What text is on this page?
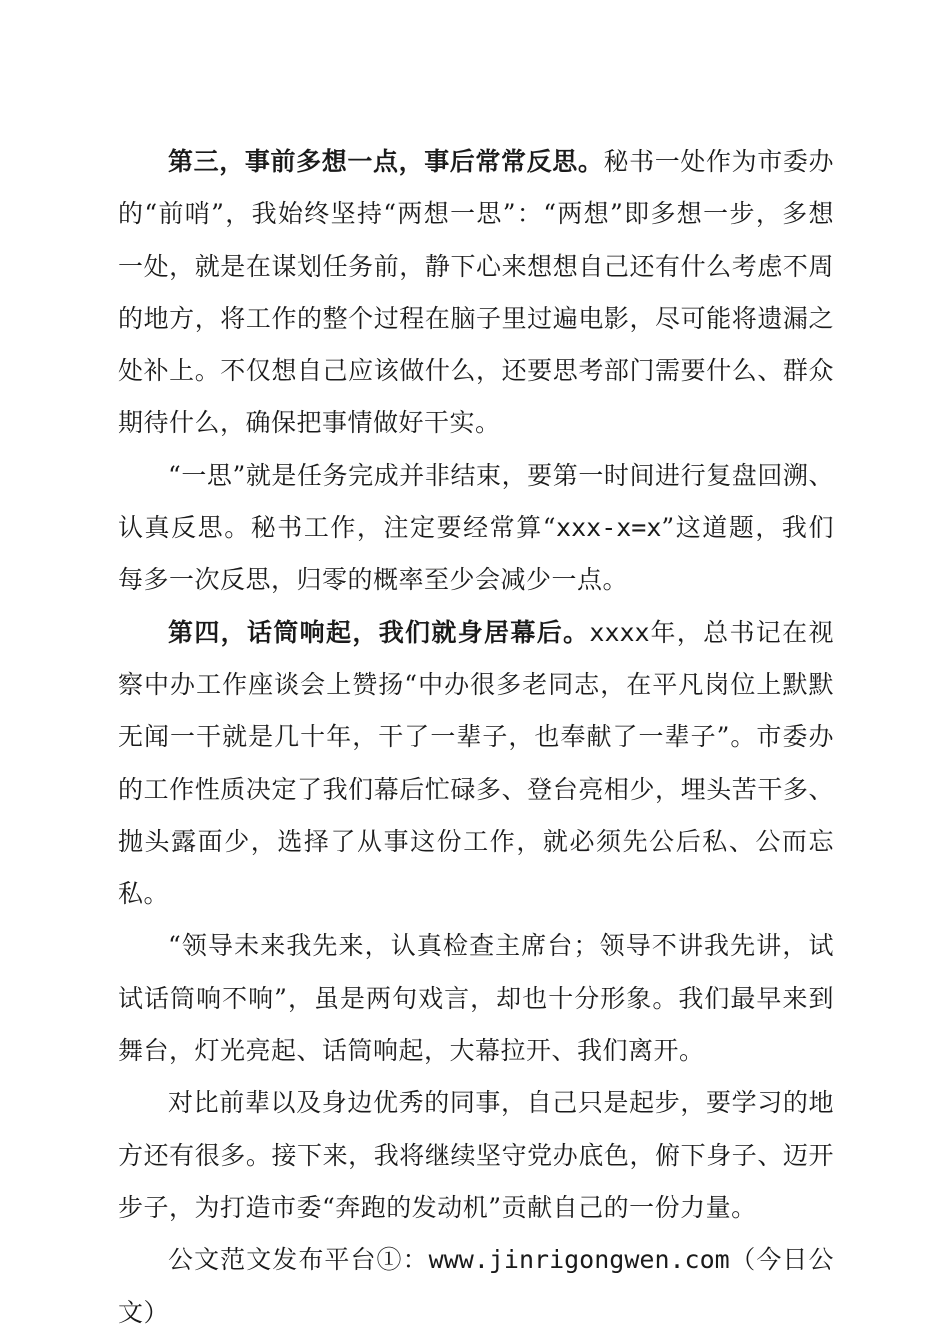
第三，事前多想一点，事后常常反思。秘书一处作为市委办的“前哨”，我始终坚持“两想一思”：“两想”即多想一步，多想一处，就是在谋划任务前，静下心来想想自己还有什么考虑不周的地方，将工作的整个过程在脑子里过遍电影，尽可能将遗漏之处补上。不仅想自己应该做什么，还要思考部门需要什么、群众期待什么，确保把事情做好干实。

“一思”就是任务完成并非结束，要第一时间进行复盘回溯、认真反思。秘书工作，注定要经常算“xxx-x=x”这道题，我们每多一次反思，归零的概率至少会减少一点。

第四，话筒响起，我们就身居幕后。xxxx年，总书记在视察中办工作座谈会上赞扬“中办很多老同志，在平凡岗位上默默无闻一干就是几十年，干了一辈子，也奉献了一辈子”。市委办的工作性质决定了我们幕后忙碌多、登台亮相少，埋头苦干多、抛头露面少，选择了从事这份工作，就必须先公后私、公而忘私。

“领导未来我先来，认真检查主席台；领导不讲我先讲，试试话筒响不响”，虽是两句戏言，却也十分形象。我们最早来到舞台，灯光亮起、话筒响起，大幕拉开、我们离开。

对比前辈以及身边优秀的同事，自己只是起步，要学习的地方还有很多。接下来，我将继续坚守党办底色，俯下身子、迈开步子，为打造市委“奔跑的发动机”贡献自己的一份力量。

公文范文发布平台①：www.jinrigongwen.com（今日公文）
